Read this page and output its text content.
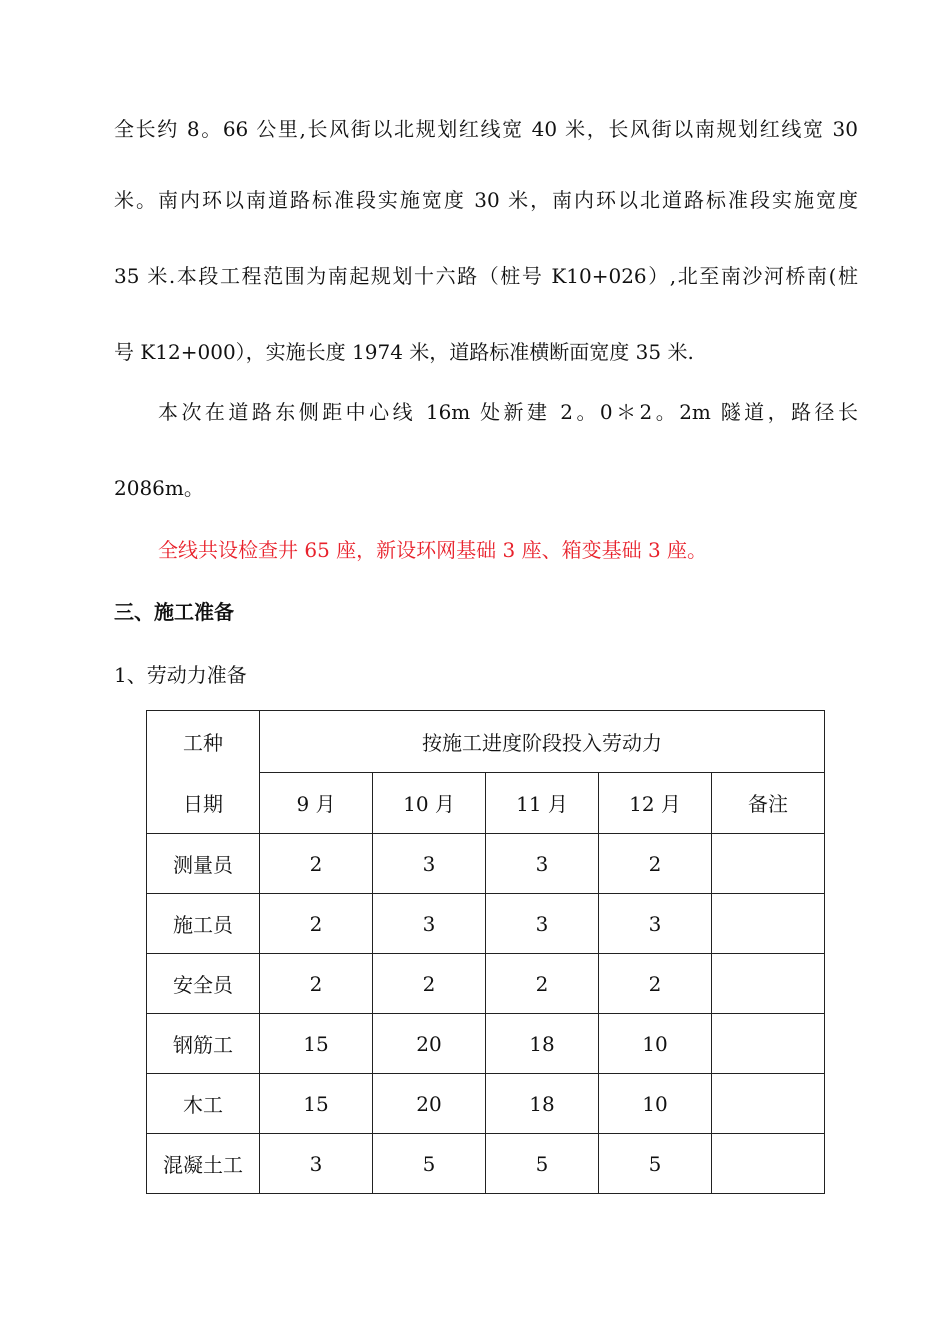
全长约 8。66 公里,长风街以北规划红线宽 40 米，长风街以南规划红线宽 30
米。南内环以南道路标准段实施宽度 30 米，南内环以北道路标准段实施宽度
35 米.本段工程范围为南起规划十六路（桩号 K10+026）,北至南沙河桥南(桩
号 K12+000），实施长度 1974 米，道路标准横断面宽度 35 米.
本次在道路东侧距中心线 16m 处新建 2。0＊2。2m 隧道，路径长
2086m。
全线共设检查井 65 座，新设环网基础 3 座、箱变基础 3 座。
三、施工准备
1、劳动力准备
工种
日期	按施工进度阶段投入劳动力				
	9 月	10 月	11 月	12 月	备注
测量员	2	3	3	2	
施工员	2	3	3	3	
安全员	2	2	2	2	
钢筋工	15	20	18	10	
木工	15	20	18	10	
混凝土工	3	5	5	5	
